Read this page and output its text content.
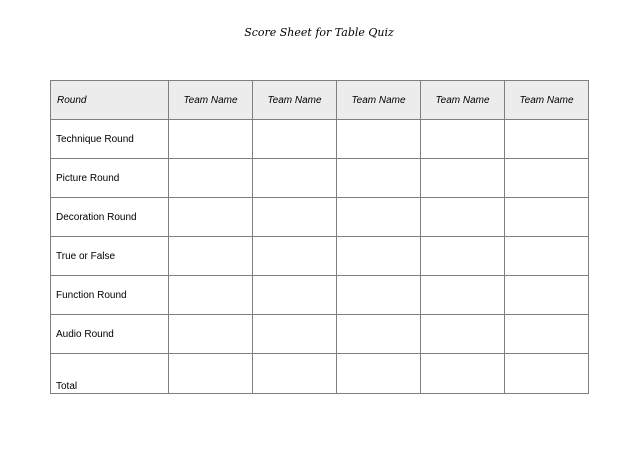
Score Sheet for Table Quiz
Round	Team Name	Team Name	Team Name	Team Name	Team Name
Technique Round					
Picture Round					
Decoration Round					
True or False					
Function Round					
Audio Round					
Total					
